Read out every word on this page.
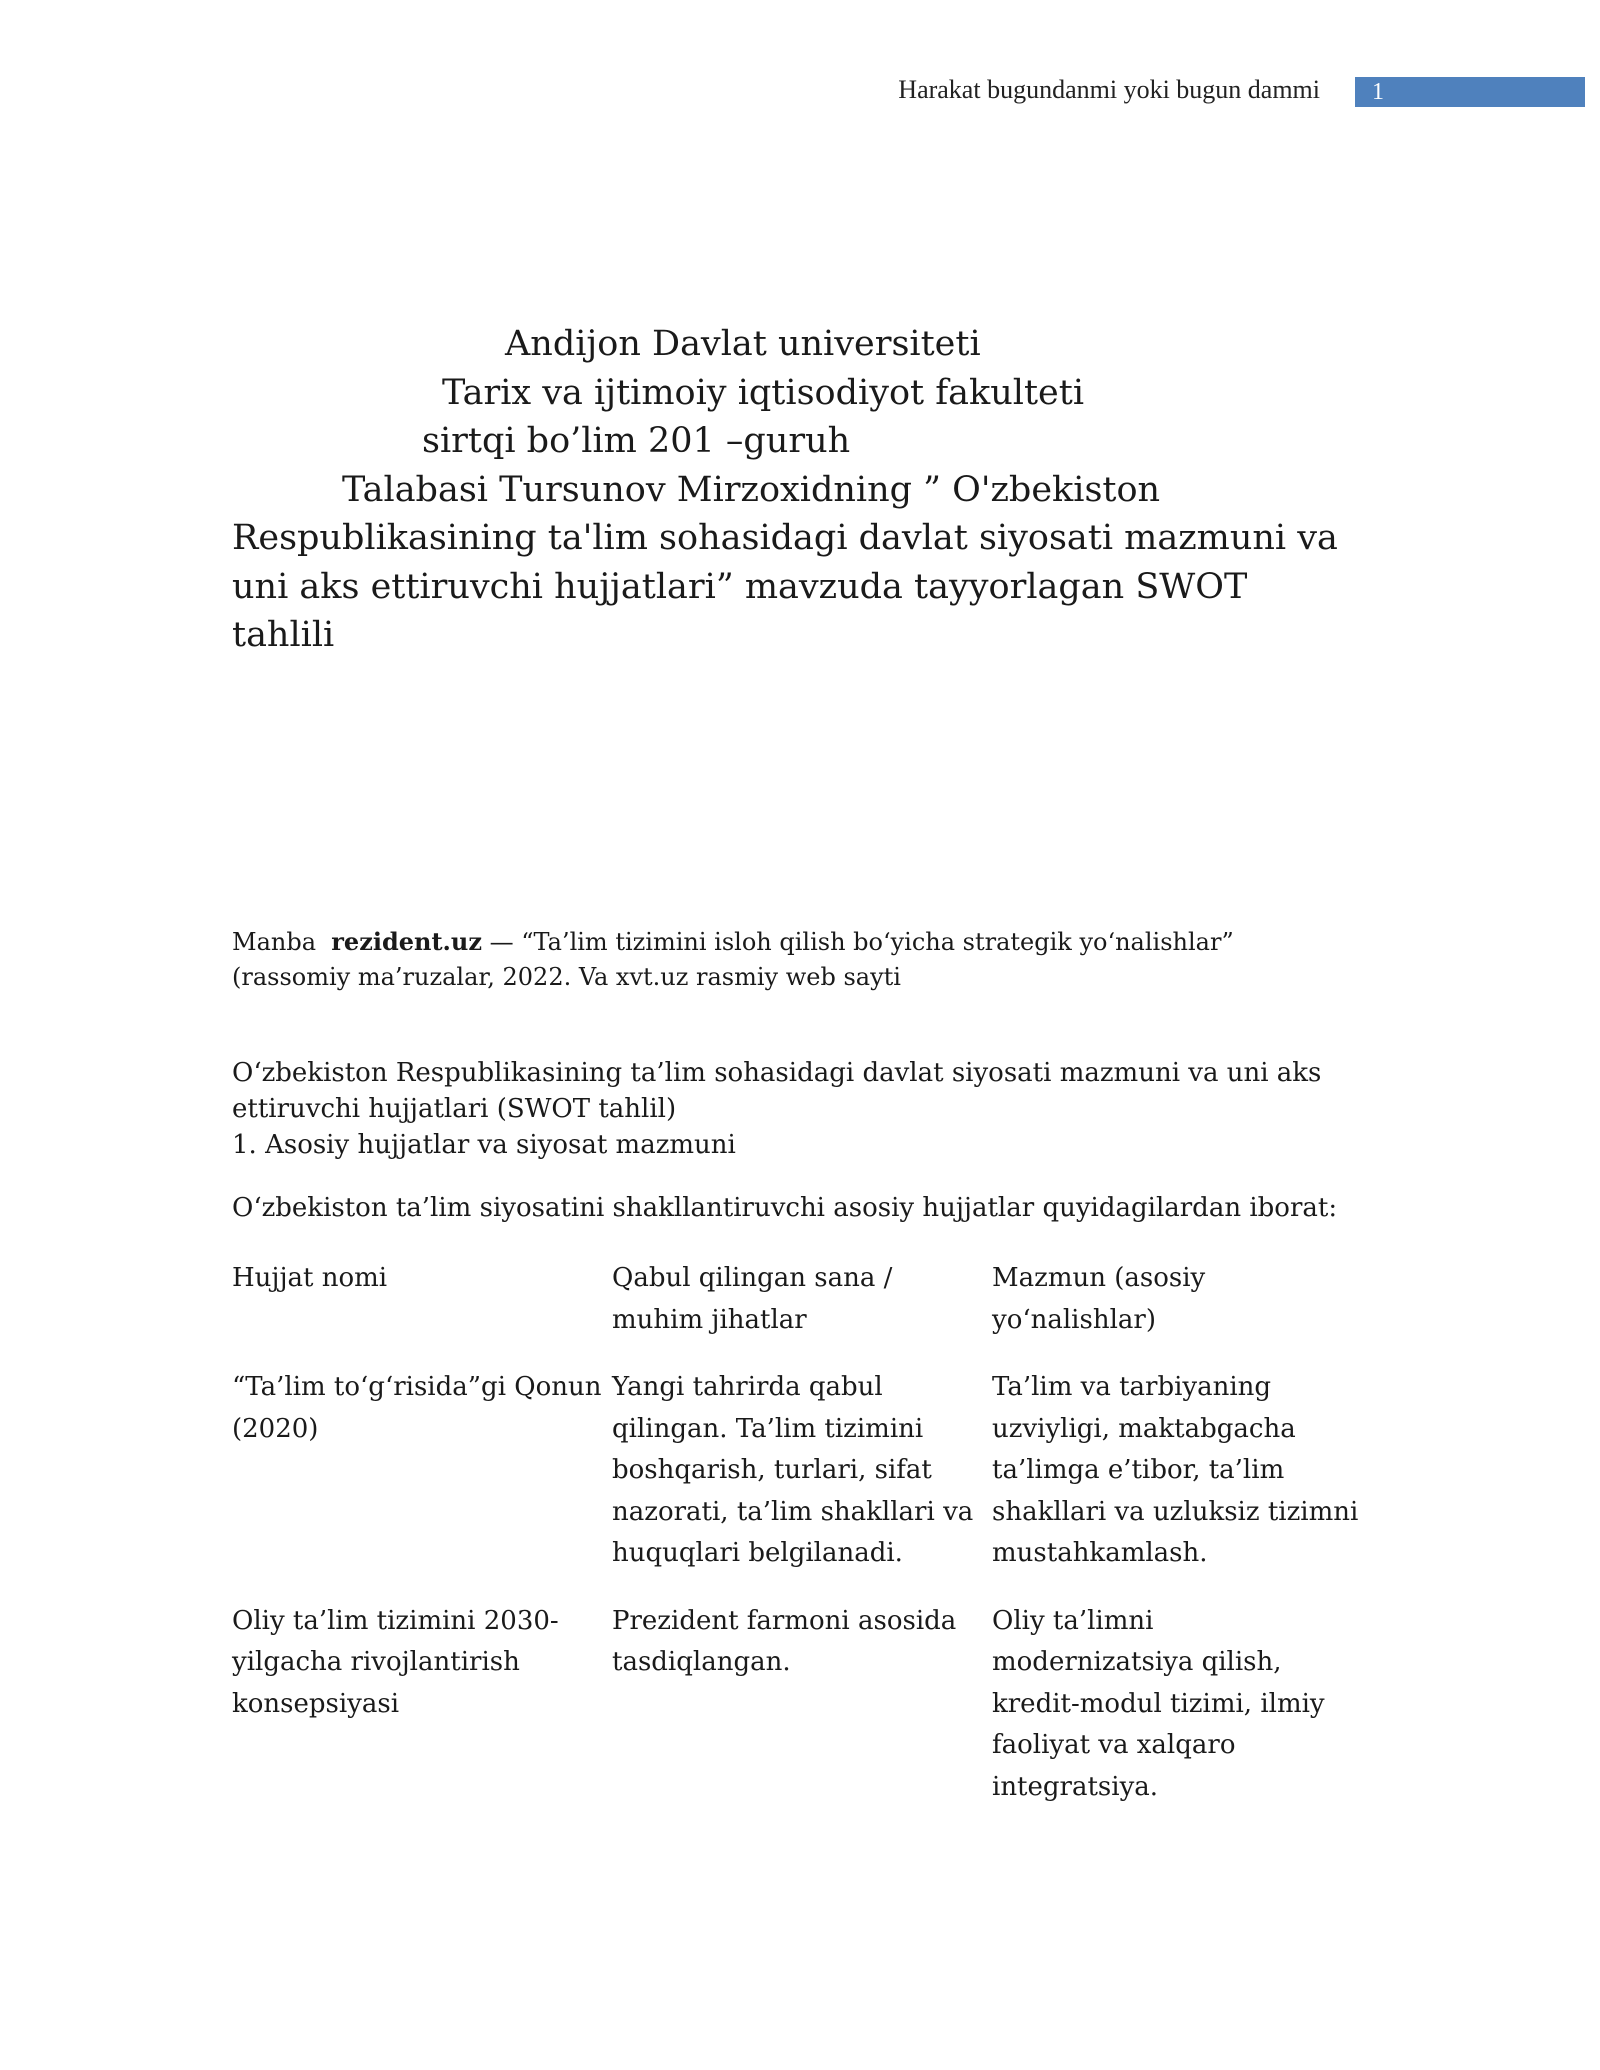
Harakat bugundanmi yoki bugun dammi	1
Andijon Davlat universiteti
Tarix va ijtimoiy iqtisodiyot fakulteti
sirtqi bo’lim 201 –guruh
Talabasi Tursunov Mirzoxidning ” O'zbekiston
Respublikasining ta'lim sohasidagi davlat siyosati mazmuni va
uni aks ettiruvchi hujjatlari” mavzuda tayyorlagan SWOT
tahlili
Manba rezident.uz — “Ta’lim tizimini isloh qilish bo‘yicha strategik yo‘nalishlar”
(rassomiy ma’ruzalar, 2022. Va xvt.uz rasmiy web sayti
O‘zbekiston Respublikasining ta’lim sohasidagi davlat siyosati mazmuni va uni aks
ettiruvchi hujjatlari (SWOT tahlil)
1. Asosiy hujjatlar va siyosat mazmuni
O‘zbekiston ta’lim siyosatini shakllantiruvchi asosiy hujjatlar quyidagilardan iborat:
Hujjat nomi	Qabul qilingan sana / muhim jihatlar	Mazmun (asosiy yo‘nalishlar)
“Ta’lim to‘g‘risida”gi Qonun (2020)	Yangi tahrirda qabul qilingan. Ta’lim tizimini boshqarish, turlari, sifat nazorati, ta’lim shakllari va huquqlari belgilanadi.	Ta’lim va tarbiyaning uzviyligi, maktabgacha ta’limga e’tibor, ta’lim shakllari va uzluksiz tizimni mustahkamlash.
Oliy ta’lim tizimini 2030-yilgacha rivojlantirish konsepsiyasi	Prezident farmoni asosida tasdiqlangan.	Oliy ta’limni modernizatsiya qilish, kredit-modul tizimi, ilmiy faoliyat va xalqaro integratsiya.
